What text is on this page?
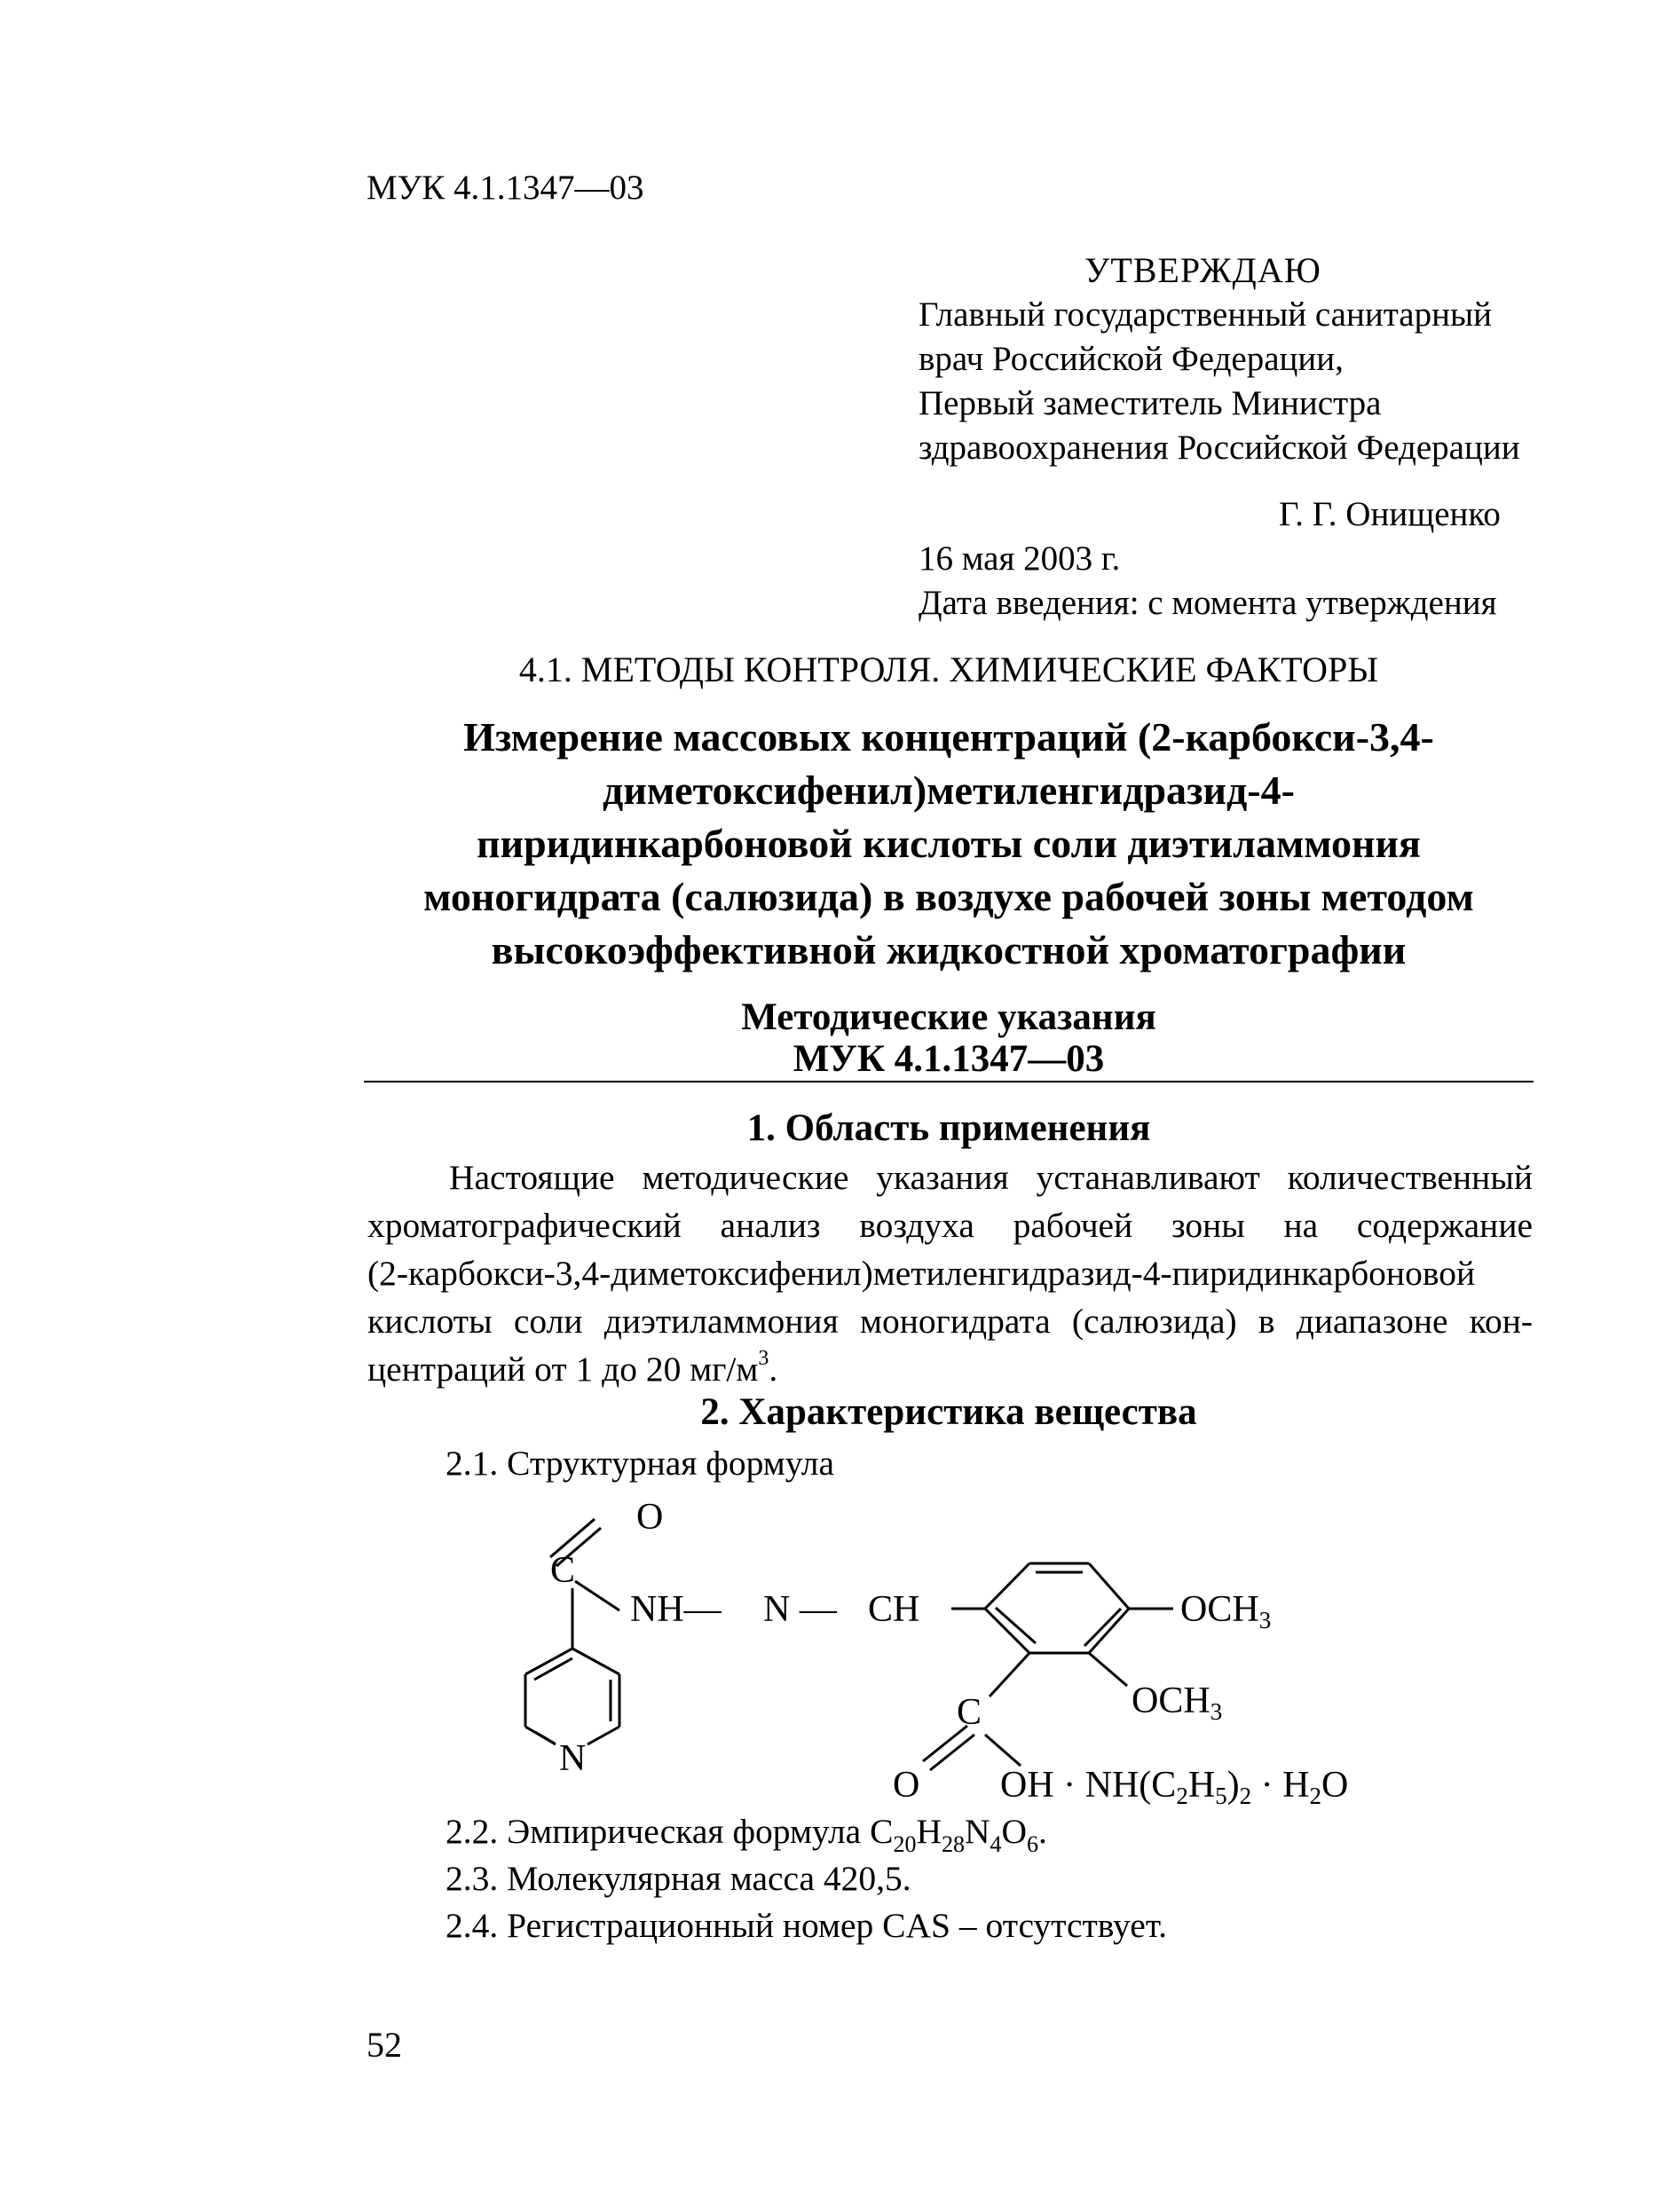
МУК 4.1.1347—03
УТВЕРЖДАЮ
Главный государственный санитарный
врач Российской Федерации,
Первый заместитель Министра
здравоохранения Российской Федерации
Г. Г. Онищенко
16 мая 2003 г.
Дата введения: с момента утверждения
4.1. МЕТОДЫ КОНТРОЛЯ. ХИМИЧЕСКИЕ ФАКТОРЫ
Измерение массовых концентраций (2-карбокси-3,4-
диметоксифенил)метиленгидразид-4-
пиридинкарбоновой кислоты соли диэтиламмония
моногидрата (салюзида) в воздухе рабочей зоны методом
высокоэффективной жидкостной хроматографии
Методические указания
МУК 4.1.1347—03
1. Область применения
Настоящие методические указания устанавливают количественный
хроматографический анализ воздуха рабочей зоны на содержание
(2-карбокси-3,4-диметоксифенил)метиленгидразид-4-пиридинкарбоновой
кислоты соли диэтиламмония моногидрата (салюзида) в диапазоне кон-
центраций от 1 до 20 $мг/м^3$.
2. Характеристика вещества
2.1. Структурная формула
O
C
NH— N — CH	OCH3
N
C	OCH3
O OH · NH(C2H5)2 · H2O
2.2. Эмпирическая формула $C_{20}H_{28}N_4O_6$.
2.3. Молекулярная масса 420,5.
2.4. Регистрационный номер CAS – отсутствует.
52
